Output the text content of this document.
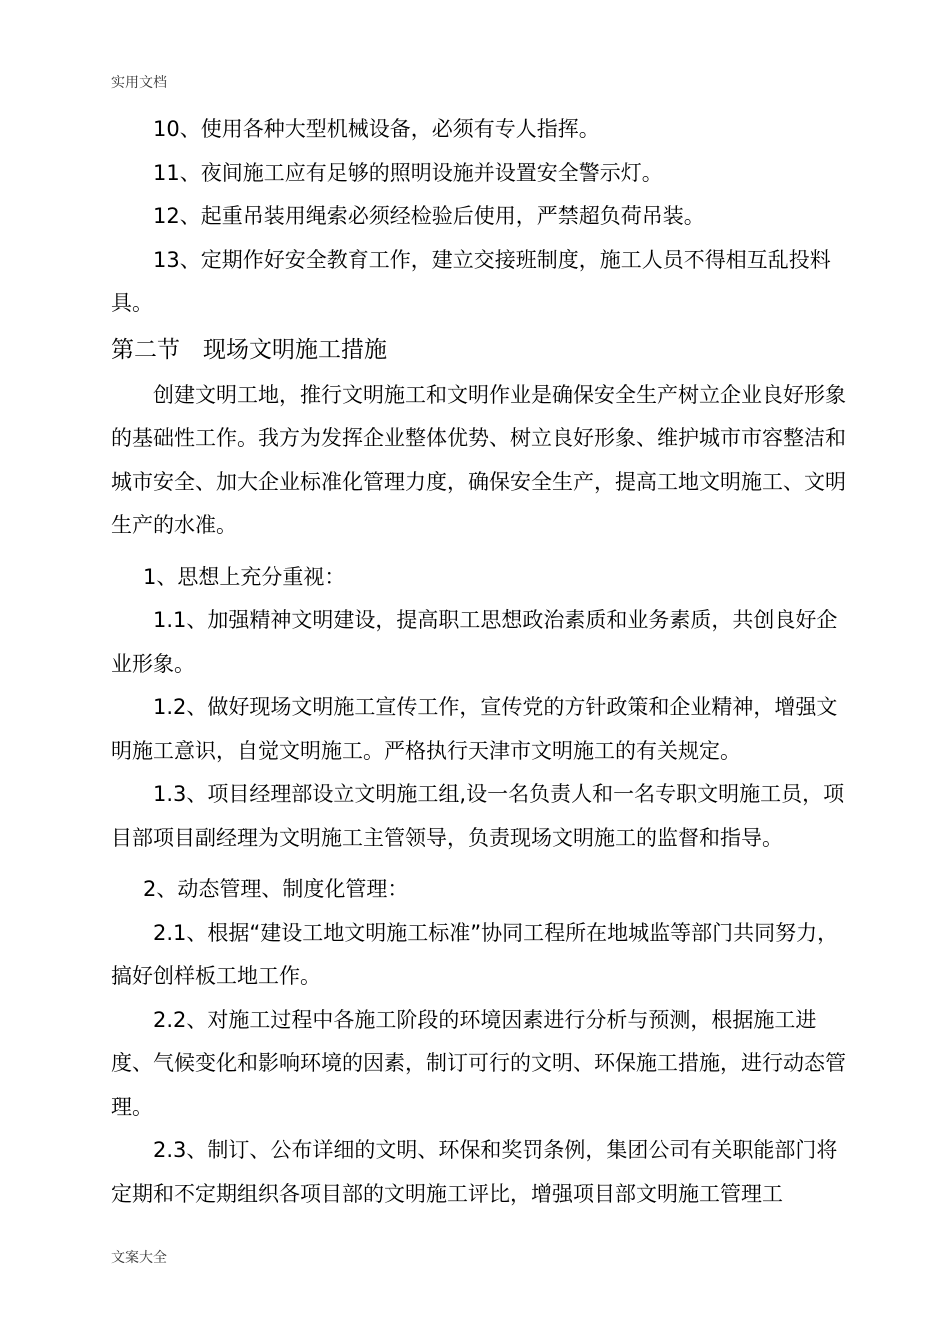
实用文档

10、使用各种大型机械设备，必须有专人指挥。

11、夜间施工应有足够的照明设施并设置安全警示灯。

12、起重吊装用绳索必须经检验后使用，严禁超负荷吊装。

13、定期作好安全教育工作，建立交接班制度，施工人员不得相互乱投料具。

第二节　现场文明施工措施

创建文明工地，推行文明施工和文明作业是确保安全生产树立企业良好形象的基础性工作。我方为发挥企业整体优势、树立良好形象、维护城市市容整洁和城市安全、加大企业标准化管理力度，确保安全生产，提高工地文明施工、文明生产的水准。

1、思想上充分重视：

1.1、加强精神文明建设，提高职工思想政治素质和业务素质，共创良好企业形象。

1.2、做好现场文明施工宣传工作，宣传党的方针政策和企业精神，增强文明施工意识，自觉文明施工。严格执行天津市文明施工的有关规定。

1.3、项目经理部设立文明施工组,设一名负责人和一名专职文明施工员，项目部项目副经理为文明施工主管领导，负责现场文明施工的监督和指导。

2、动态管理、制度化管理：

2.1、根据“建设工地文明施工标准”协同工程所在地城监等部门共同努力，搞好创样板工地工作。

2.2、对施工过程中各施工阶段的环境因素进行分析与预测，根据施工进度、气候变化和影响环境的因素，制订可行的文明、环保施工措施，进行动态管理。

2.3、制订、公布详细的文明、环保和奖罚条例，集团公司有关职能部门将定期和不定期组织各项目部的文明施工评比，增强项目部文明施工管理工

文案大全
